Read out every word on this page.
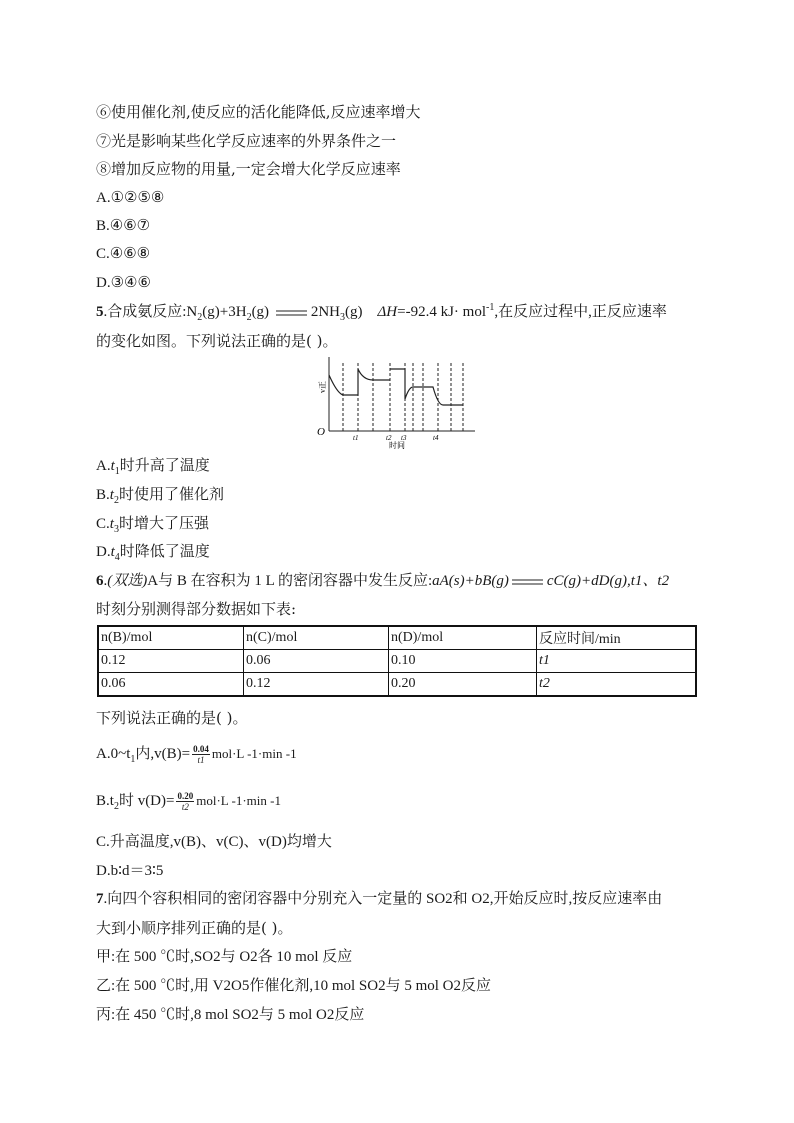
⑥使用催化剂,使反应的活化能降低,反应速率增大
⑦光是影响某些化学反应速率的外界条件之一
⑧增加反应物的用量,一定会增大化学反应速率
A.①②⑤⑧
B.④⑥⑦
C.④⑥⑧
D.③④⑥
5.合成氨反应$:N_2(g)+3H_2(g)$	$2NH_3(g)$ ΔH=-92.4 kJ· mol$^{-1}$,在反应过程中,正反应速率
的变化如图。下列说法正确的是( )。
v正
O	t1	t2 t3	t4
时间
$A.t_1$时升高了温度
$B.t_2$时使用了催化剂
$C.t_3$时增大了压强
$D.t_4$时降低了温度
6.(双选)A与 B 在容积为 1 L 的密闭容器中发生反应:aA(s)+bB(g)	cC(g)+dD(g),t1、t2
时刻分别测得部分数据如下表:
n(B)/mol	n(C)/mol	n(D)/mol	反应时间/min
0.12	0.06	0.10	t1
0.06	0.12	0.20	t2
下列说法正确的是( )。
$A.0\sim t_1$内$,v(B)= \frac{0.04}{t1} mol\cdot L$ -1·min -1
$B.t_2$时 $v(D)= \frac{0.20}{t2} mol\cdot L$ -1·min -1
C.升高温度,v(B)、v(C)、v(D)均增大
D.b∶d＝3∶5
7.向四个容积相同的密闭容器中分别充入一定量的 SO2和 O2,开始反应时,按反应速率由
大到小顺序排列正确的是( )。
甲:在 500 ℃时,SO2与 O2各 10 mol 反应
乙:在 500 ℃时,用 V2O5作催化剂,10 mol SO2与 5 mol O2反应
丙:在 450 ℃时,8 mol SO2与 5 mol O2反应
